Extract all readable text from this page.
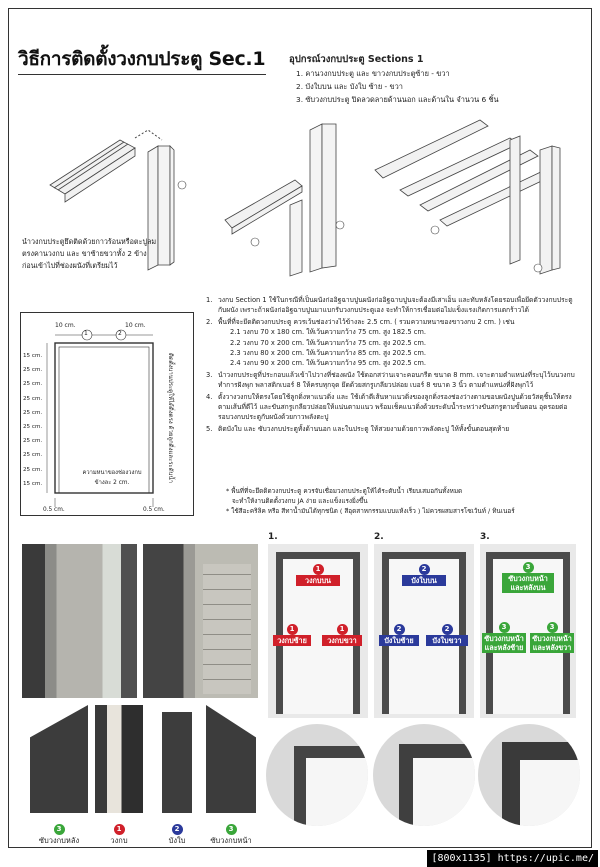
วิธีการติดตั้งวงกบประตู Sec.1	อุปกรณ์วงกบประตู Sections 1
1. คานวงกบประตู และ ขาวงกบประตูซ้าย - ขวา
2. บังใบบน และ บังใบ ซ้าย - ขวา
3. ซับวงกบประตู ปิดลวดลายด้านนอก และด้านใน จำนวน 6 ชิ้น
นำวงกบประตูยึดติดด้วยกาวร้อนหรือตะปูลม ตรงคานวงกบ และ ขาซ้ายขวาทั้ง 2 ข้าง ก่อนเข้าไปที่ช่องผนังที่เตรียมไว้
10 cm.	10 cm.
1	2
15 cm.
25 cm.
25 cm.
25 cm.
25 cm.
25 cm.
25 cm.
25 cm.
25 cm.
15 cm.
ติดตั้งบานประตูให้ได้ดิ่งตรง ด้วยลูกดิ่งและระดับน้ำ
ความหนาของช่องวงกบ
ข้างละ 2 cm.
0.5 cm.	0.5 cm.
1. วงกบ Section 1 ใช้ในกรณีที่เป็นผนังก่ออิฐฉาบปูนผนังก่ออิฐฉาบปูนจะต้องมีเสาเอ็น และทับหลังโดยรอบเพื่อยึดตัววงกบประตูกับผนัง เพราะถ้าผนังก่ออิฐฉาบปูนมาแบกรับวงกบประตูเอง จะทำให้การเชื่อมต่อไม่แข็งแรงเกิดการแตกร้าวได้
2. พื้นที่ที่จะยึดติดวงกบประตู ควรเว้นช่องว่างไว้ข้างละ 2.5 cm. ( รวมความหนาของขาวงกบ 2 cm. ) เช่น
2.1 วงกบ 70 x 180 cm. ให้เว้นความกว้าง 75 cm. สูง 182.5 cm.
2.2 วงกบ 70 x 200 cm. ให้เว้นความกว้าง 75 cm. สูง 202.5 cm.
2.3 วงกบ 80 x 200 cm. ให้เว้นความกว้าง 85 cm. สูง 202.5 cm.
2.4 วงกบ 90 x 200 cm. ให้เว้นความกว้าง 95 cm. สูง 202.5 cm.
3. นำวงกบประตูที่ประกอบแล้วเข้าไปวางที่ช่องผนัง ใช้ดอกสว่านเจาะคอนกรีต ขนาด 8 mm. เจาะตามตำแหน่งที่ระบุไว้บนวงกบ ทำการฝังพุก พลาสติกเบอร์ 8 ให้ครบทุกจุด ยึดด้วยสกรูเกลียวปล่อย เบอร์ 8 ขนาด 3 นิ้ว ตามตำแหน่งที่ฝังพุกไว้
4. ตั้งวางวงกบให้ตรงโดยใช้ลูกดิ่งหาแนวดิ่ง และ ใช้เต้าตีเส้นหาแนวดิ่งของลูกดิ่งรองช่องว่างตามขอบผนังปูนด้วยวัสดุชิ้นให้ตรงตามเส้นที่ตีไว้ และขันสกรูเกลียวปล่อยให้แน่นตามแนว พร้อมเช็คแนวดิ่งด้วยระดับน้ำระหว่างขันสกรูตามขั้นตอน อุดรอยต่อรอบวงกบประตูกับผนังด้วยกาวพลังตะปู
5. ติดบังใบ และ ซับวงกบประตูทั้งด้านนอก และในประตู ให้สวยงามด้วยกาวพลังตะปู ให้ทั้งขั้นตอนสุดท้าย
* พื้นที่ที่จะยึดติดวงกบประตู ควรจับเชื่อมวงกบประตูให้ได้ระดับน้ำ เรียบเสมอกันทั้งหมด
จะทำให้งานติดตั้งวงกบ JA ง่าย และแข็งแรงยิ่งขึ้น
* ใช้สีอะคริลิค หรือ สีทาน้ำมันได้ทุกชนิด ( สีอุดสาหกรรมแบบแห้งเร็ว ) ไม่ควรผสมสารโซเว้นท์ / ทินเนอร์
3
ซับวงกบหลัง
1
วงกบ
2
บังใบ
3
ซับวงกบหน้า
1.	2.	3.
1
วงกบบน
1
วงกบซ้าย
1
วงกบขวา
2
บังใบบน
2
บังใบซ้าย
2
บังใบขวา
3
ซับวงกบหน้า และหลังบน
3
ซับวงกบหน้า และหลังซ้าย
3
ซับวงกบหน้า และหลังขวา
[800x1135] https://upic.me/
